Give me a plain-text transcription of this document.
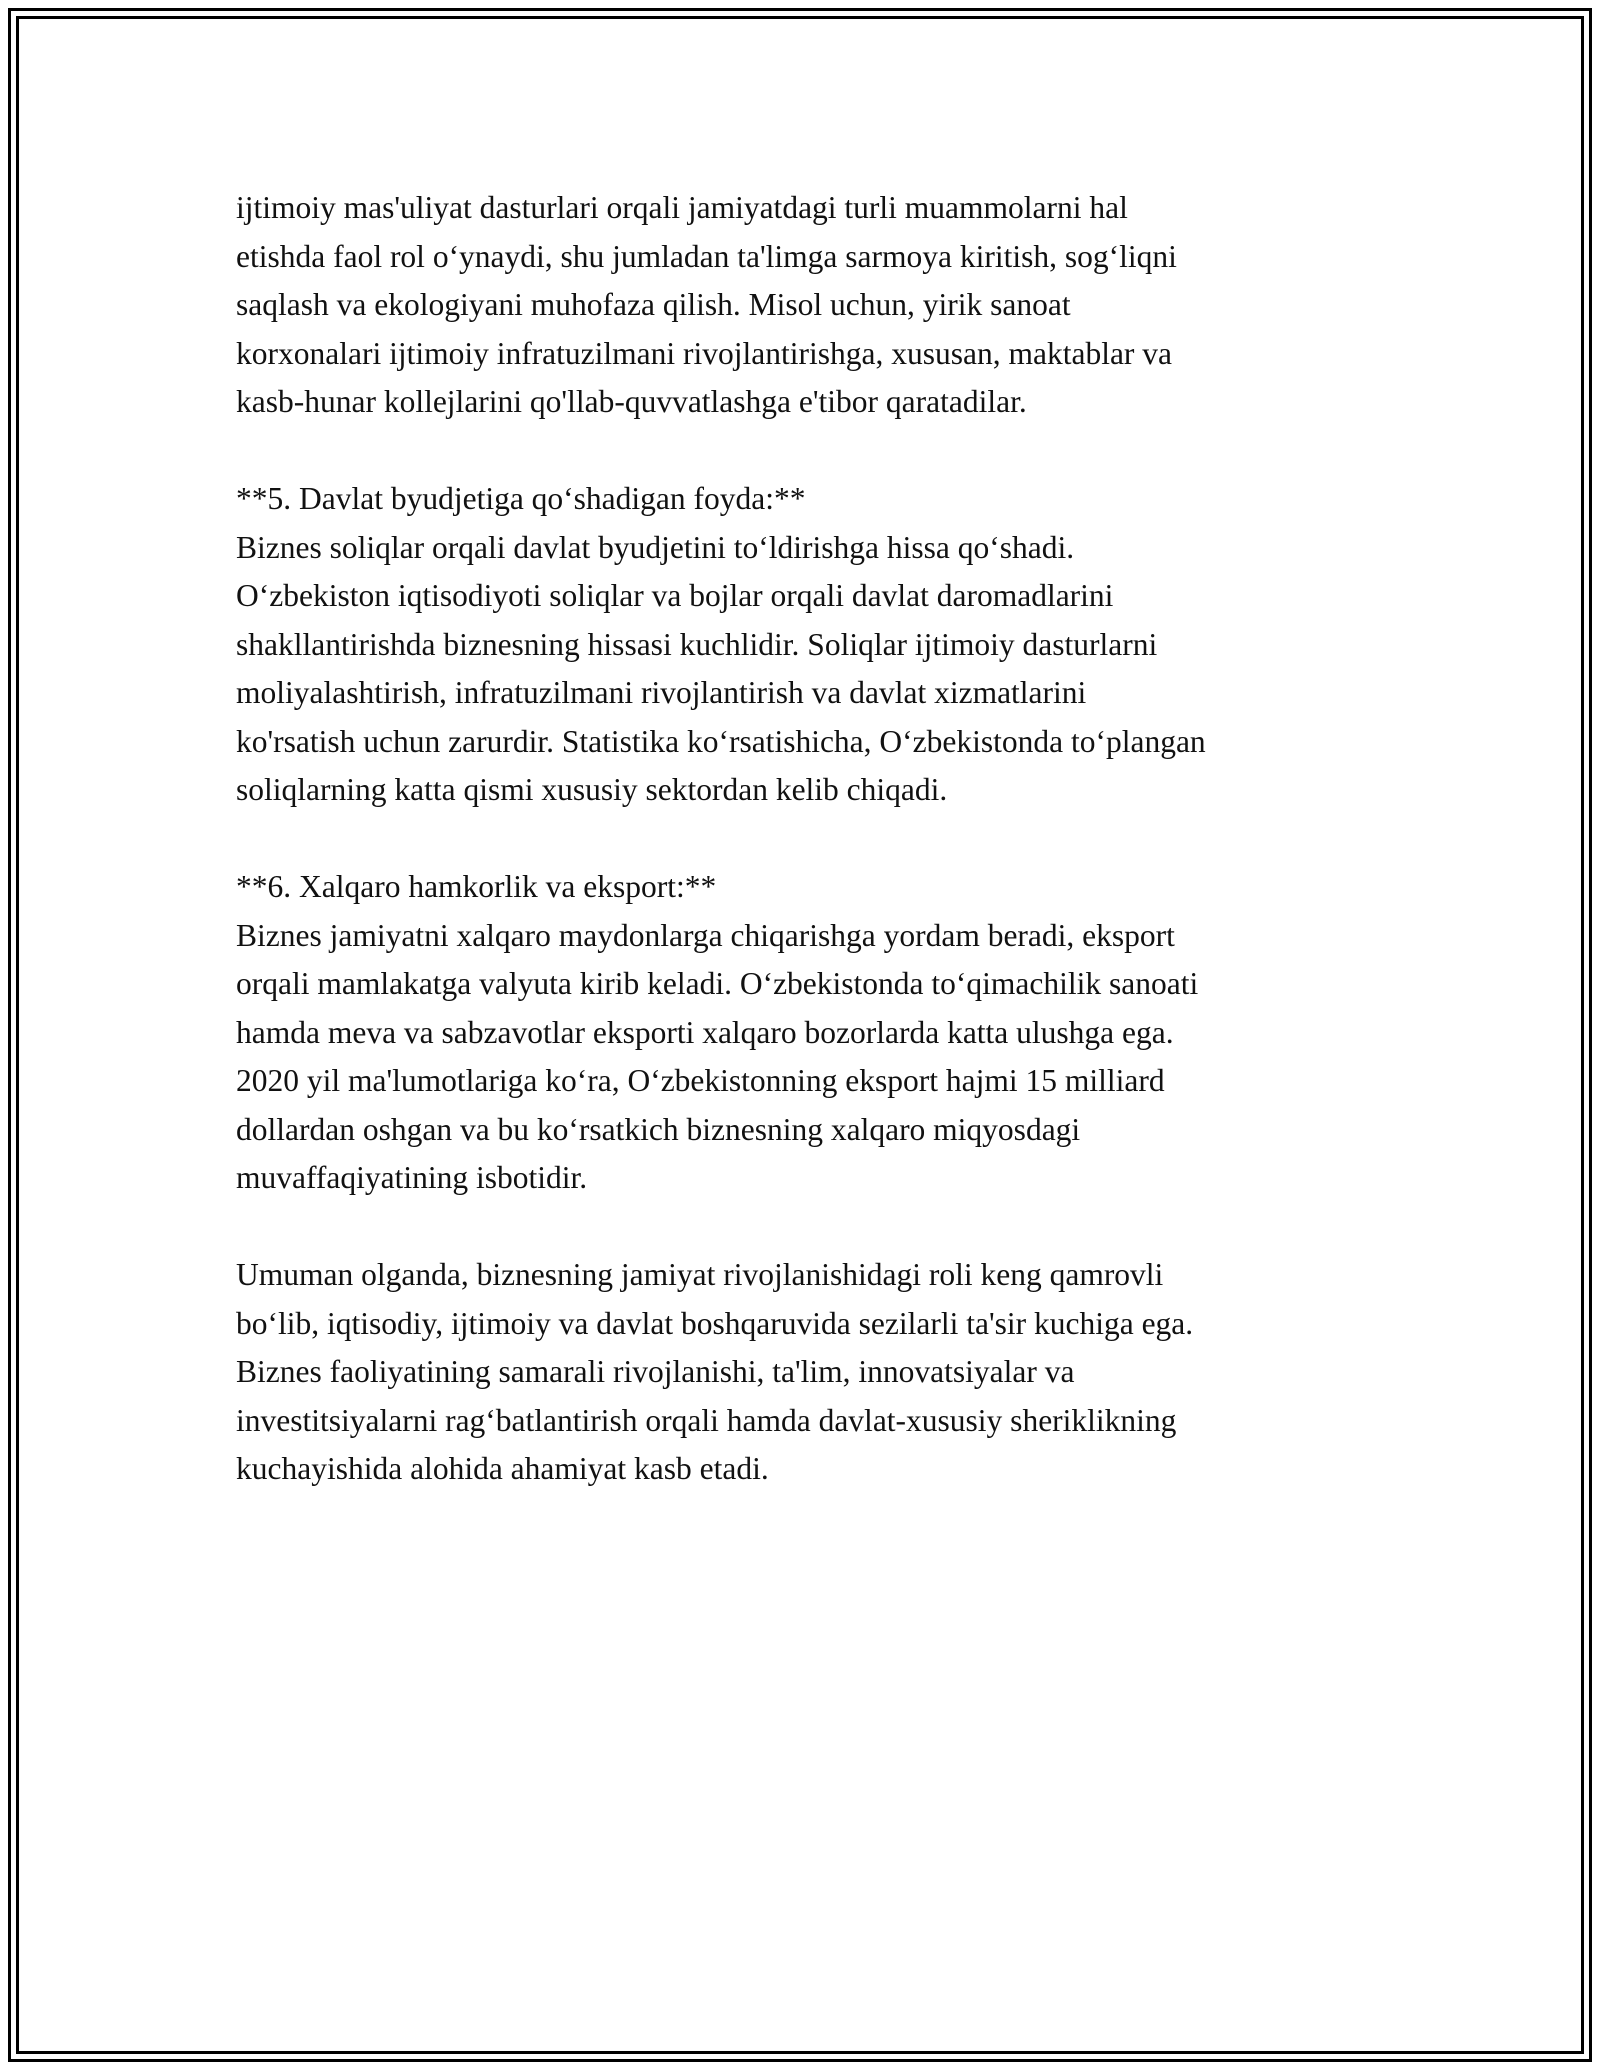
ijtimoiy mas'uliyat dasturlari orqali jamiyatdagi turli muammolarni hal
etishda faol rol o‘ynaydi, shu jumladan ta'limga sarmoya kiritish, sog‘liqni
saqlash va ekologiyani muhofaza qilish. Misol uchun, yirik sanoat
korxonalari ijtimoiy infratuzilmani rivojlantirishga, xususan, maktablar va
kasb-hunar kollejlarini qo'llab-quvvatlashga e'tibor qaratadilar.

**5. Davlat byudjetiga qo‘shadigan foyda:**

Biznes soliqlar orqali davlat byudjetini to‘ldirishga hissa qo‘shadi.
O‘zbekiston iqtisodiyoti soliqlar va bojlar orqali davlat daromadlarini
shakllantirishda biznesning hissasi kuchlidir. Soliqlar ijtimoiy dasturlarni
moliyalashtirish, infratuzilmani rivojlantirish va davlat xizmatlarini
ko'rsatish uchun zarurdir. Statistika ko‘rsatishicha, O‘zbekistonda to‘plangan
soliqlarning katta qismi xususiy sektordan kelib chiqadi.

**6. Xalqaro hamkorlik va eksport:**

Biznes jamiyatni xalqaro maydonlarga chiqarishga yordam beradi, eksport
orqali mamlakatga valyuta kirib keladi. O‘zbekistonda to‘qimachilik sanoati
hamda meva va sabzavotlar eksporti xalqaro bozorlarda katta ulushga ega.
2020 yil ma'lumotlariga ko‘ra, O‘zbekistonning eksport hajmi 15 milliard
dollardan oshgan va bu ko‘rsatkich biznesning xalqaro miqyosdagi
muvaffaqiyatining isbotidir.

Umuman olganda, biznesning jamiyat rivojlanishidagi roli keng qamrovli
bo‘lib, iqtisodiy, ijtimoiy va davlat boshqaruvida sezilarli ta'sir kuchiga ega.
Biznes faoliyatining samarali rivojlanishi, ta'lim, innovatsiyalar va
investitsiyalarni rag‘batlantirish orqali hamda davlat-xususiy sheriklikning
kuchayishida alohida ahamiyat kasb etadi.
